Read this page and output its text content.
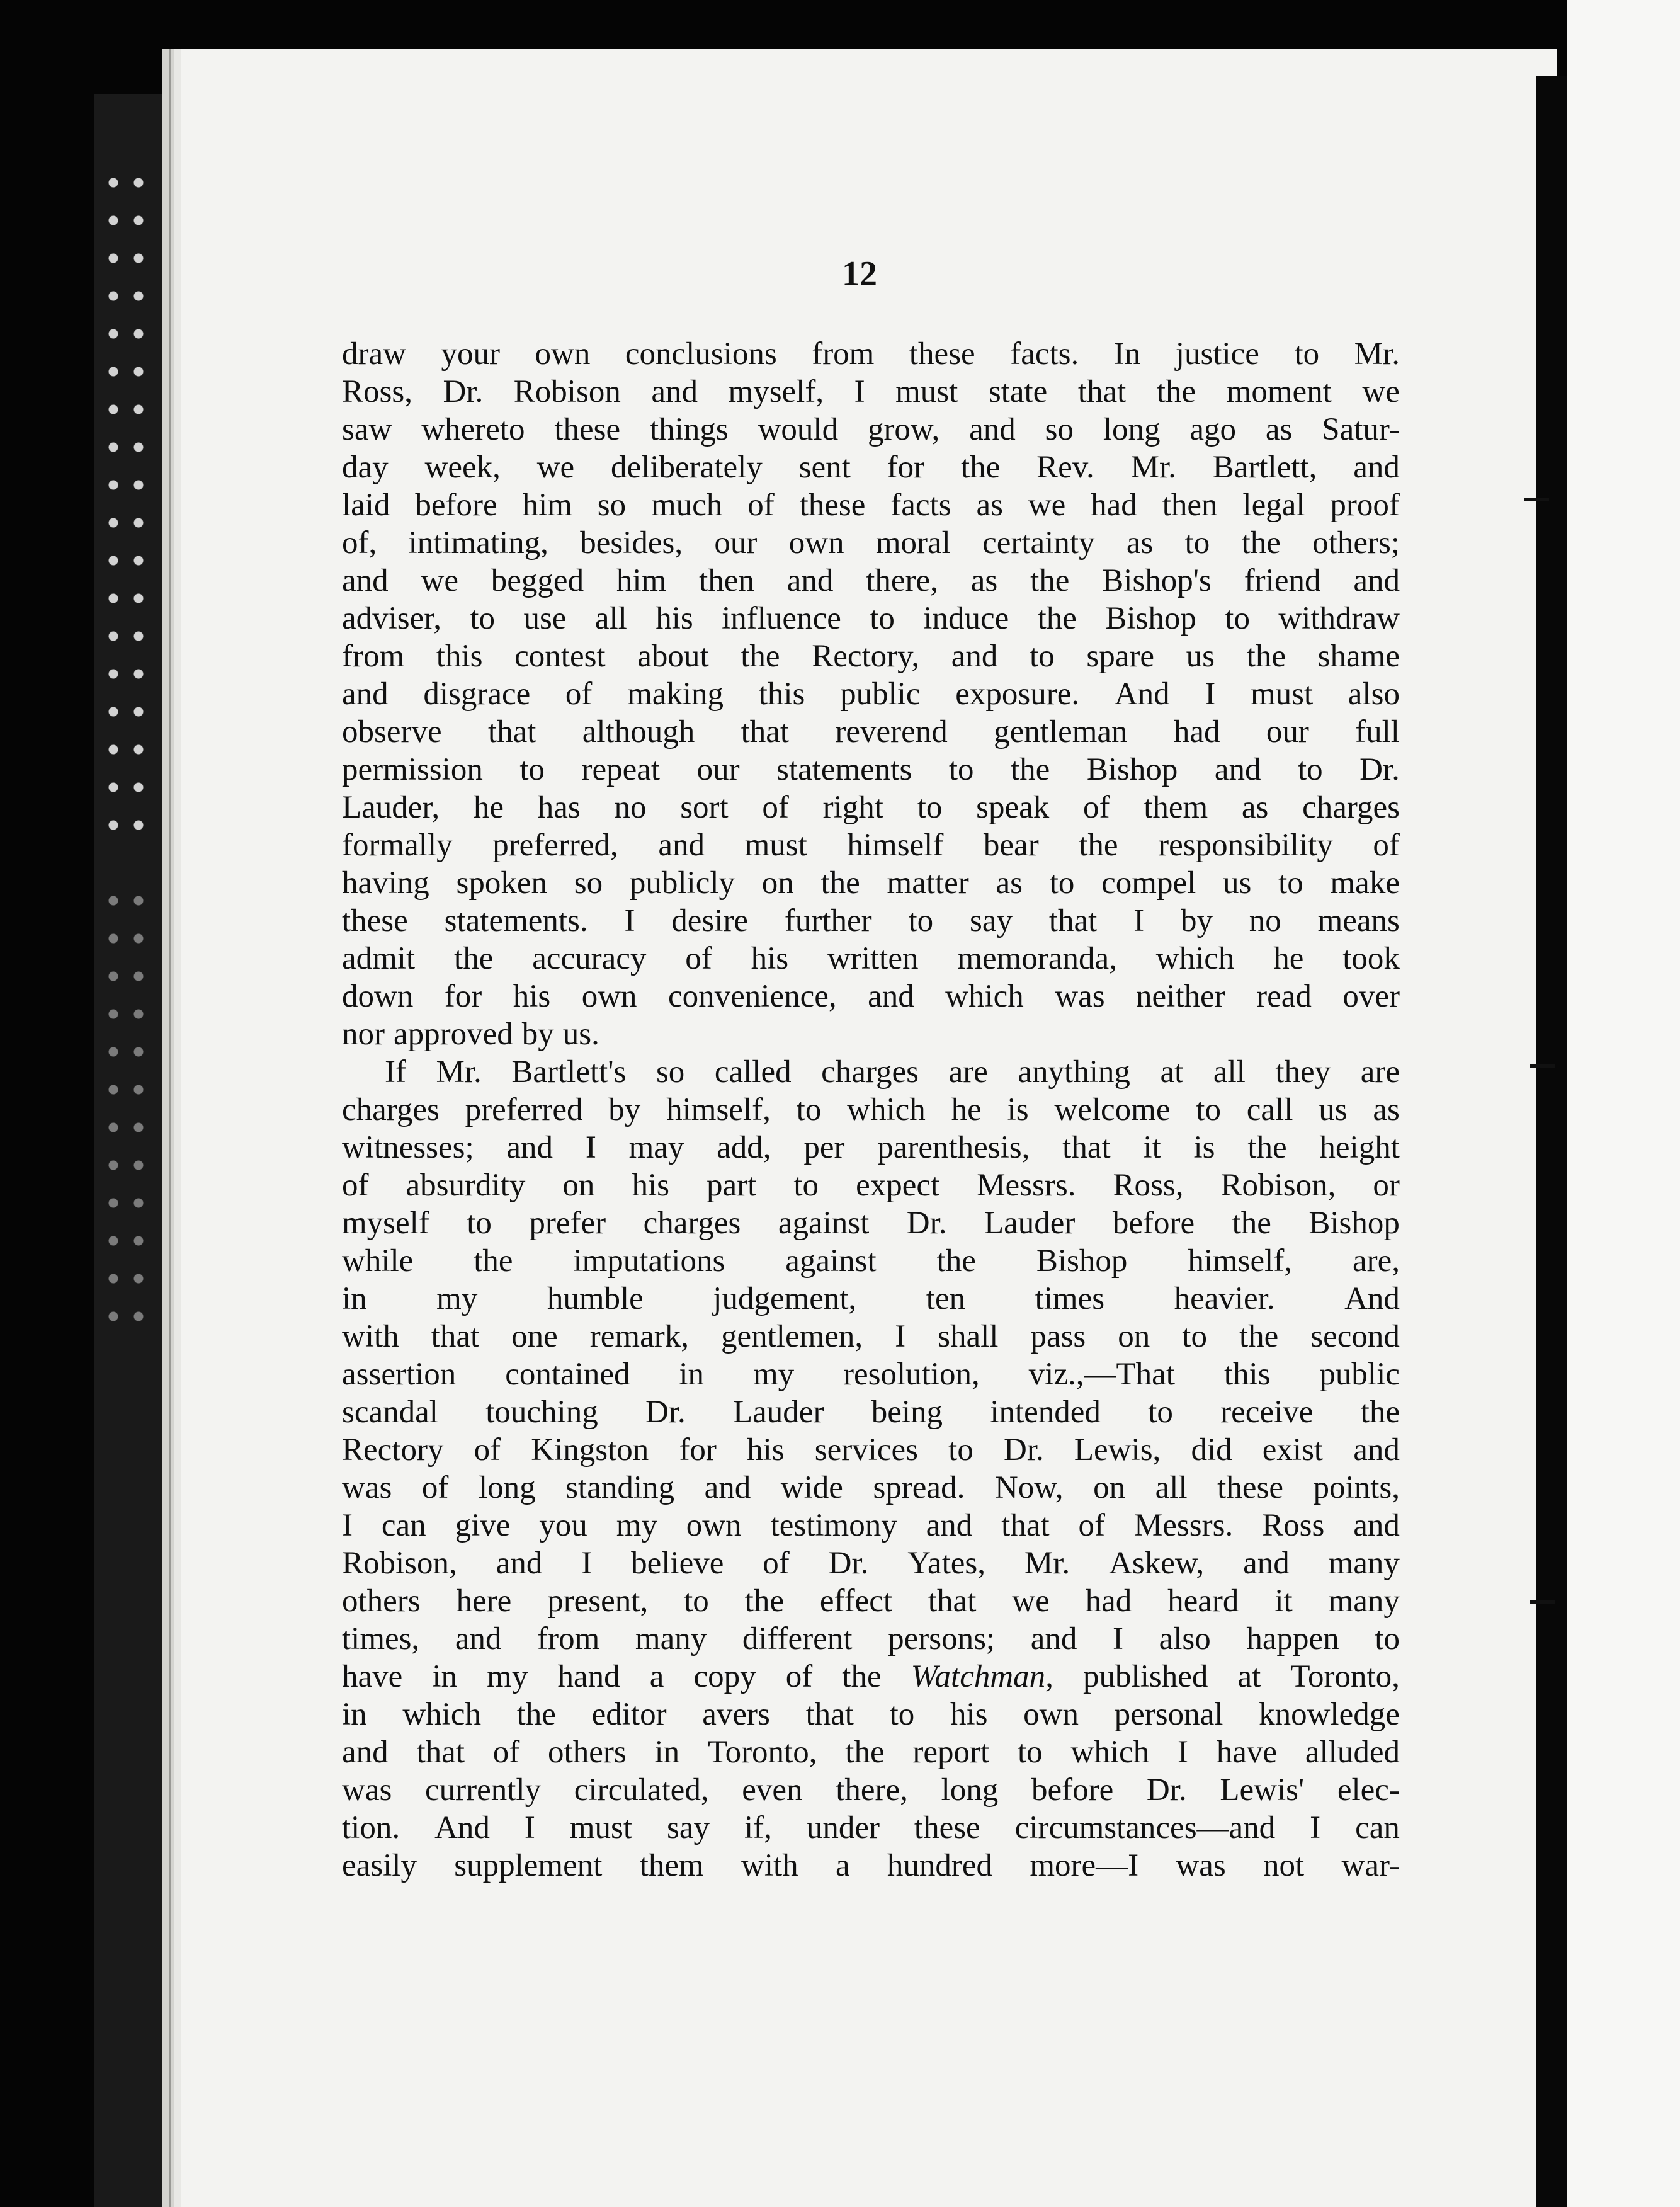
12
draw your own conclusions from these facts. In justice to Mr.
Ross, Dr. Robison and myself, I must state that the moment we
saw whereto these things would grow, and so long ago as Satur-
day week, we deliberately sent for the Rev. Mr. Bartlett, and
laid before him so much of these facts as we had then legal proof
of, intimating, besides, our own moral certainty as to the others;
and we begged him then and there, as the Bishop's friend and
adviser, to use all his influence to induce the Bishop to withdraw
from this contest about the Rectory, and to spare us the shame
and disgrace of making this public exposure. And I must also
observe that although that reverend gentleman had our full
permission to repeat our statements to the Bishop and to Dr.
Lauder, he has no sort of right to speak of them as charges
formally preferred, and must himself bear the responsibility of
having spoken so publicly on the matter as to compel us to make
these statements. I desire further to say that I by no means
admit the accuracy of his written memoranda, which he took
down for his own convenience, and which was neither read over
nor approved by us.
If Mr. Bartlett's so called charges are anything at all they are
charges preferred by himself, to which he is welcome to call us as
witnesses; and I may add, per parenthesis, that it is the height
of absurdity on his part to expect Messrs. Ross, Robison, or
myself to prefer charges against Dr. Lauder before the Bishop
while the imputations against the Bishop himself, are,
in my humble judgement, ten times heavier. And
with that one remark, gentlemen, I shall pass on to the second
assertion contained in my resolution, viz.,—That this public
scandal touching Dr. Lauder being intended to receive the
Rectory of Kingston for his services to Dr. Lewis, did exist and
was of long standing and wide spread. Now, on all these points,
I can give you my own testimony and that of Messrs. Ross and
Robison, and I believe of Dr. Yates, Mr. Askew, and many
others here present, to the effect that we had heard it many
times, and from many different persons; and I also happen to
have in my hand a copy of the Watchman, published at Toronto,
in which the editor avers that to his own personal knowledge
and that of others in Toronto, the report to which I have alluded
was currently circulated, even there, long before Dr. Lewis' elec-
tion. And I must say if, under these circumstances—and I can
easily supplement them with a hundred more—I was not war-
